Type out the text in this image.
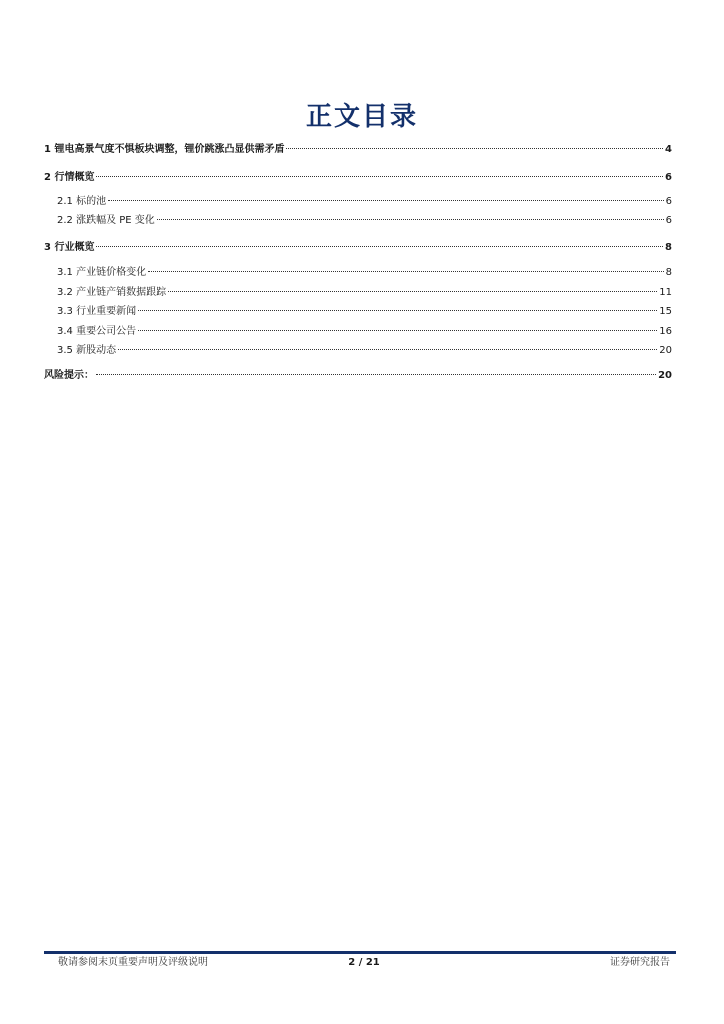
正文目录
1 锂电高景气度不惧板块调整，锂价跳涨凸显供需矛盾	4
2 行情概览	6
2.1 标的池	6
2.2 涨跌幅及 PE 变化	6
3 行业概览	8
3.1 产业链价格变化	8
3.2 产业链产销数据跟踪	11
3.3 行业重要新闻	15
3.4 重要公司公告	16
3.5 新股动态	20
风险提示：	20
敬请参阅末页重要声明及评级说明	2 / 21	证券研究报告
